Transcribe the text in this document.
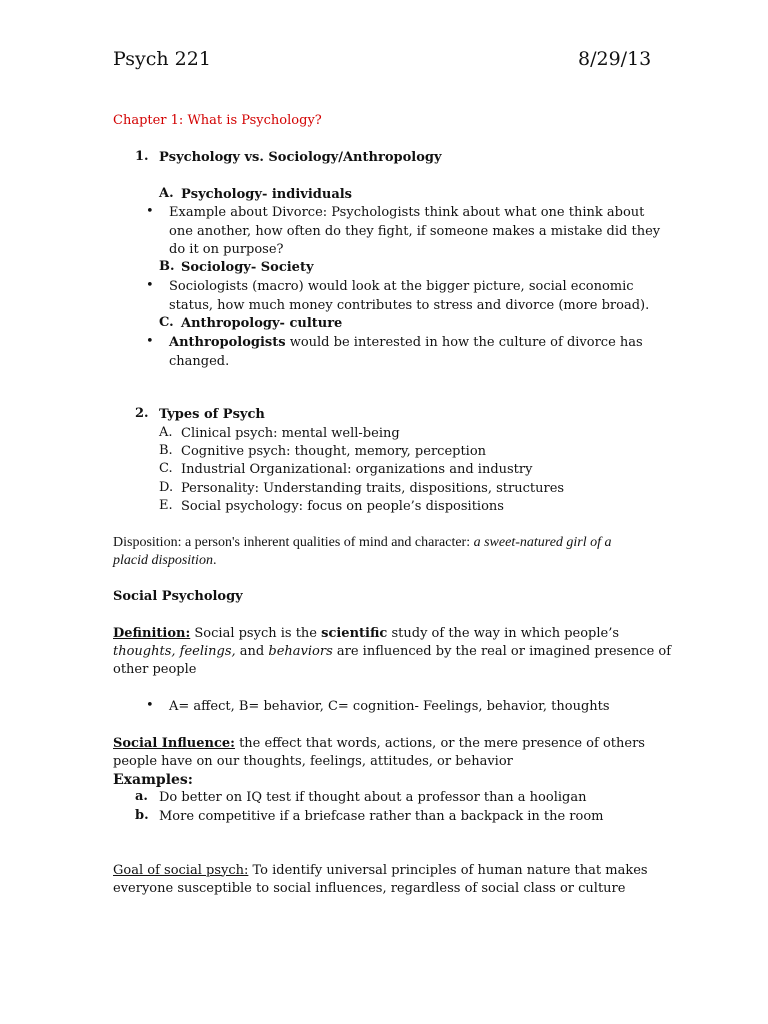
Psych 221	8/29/13
Chapter 1: What is Psychology?
1. Psychology vs. Sociology/Anthropology
A. Psychology- individuals
• Example about Divorce: Psychologists think about what one think about
one another, how often do they fight, if someone makes a mistake did they
do it on purpose?
B. Sociology- Society
• Sociologists (macro) would look at the bigger picture, social economic
status, how much money contributes to stress and divorce (more broad).
C. Anthropology- culture
• Anthropologists would be interested in how the culture of divorce has
changed.
2. Types of Psych
A. Clinical psych: mental well-being
B. Cognitive psych: thought, memory, perception
C. Industrial Organizational: organizations and industry
D. Personality: Understanding traits, dispositions, structures
E. Social psychology: focus on people’s dispositions
Disposition: a person's inherent qualities of mind and character: a sweet-natured girl of a
placid disposition.
Social Psychology
Definition: Social psych is the scientific study of the way in which people’s
thoughts, feelings, and behaviors are influenced by the real or imagined presence of
other people
• A= affect, B= behavior, C= cognition- Feelings, behavior, thoughts
Social Influence: the effect that words, actions, or the mere presence of others
people have on our thoughts, feelings, attitudes, or behavior
Examples:
a. Do better on IQ test if thought about a professor than a hooligan
b. More competitive if a briefcase rather than a backpack in the room
Goal of social psych: To identify universal principles of human nature that makes
everyone susceptible to social influences, regardless of social class or culture
